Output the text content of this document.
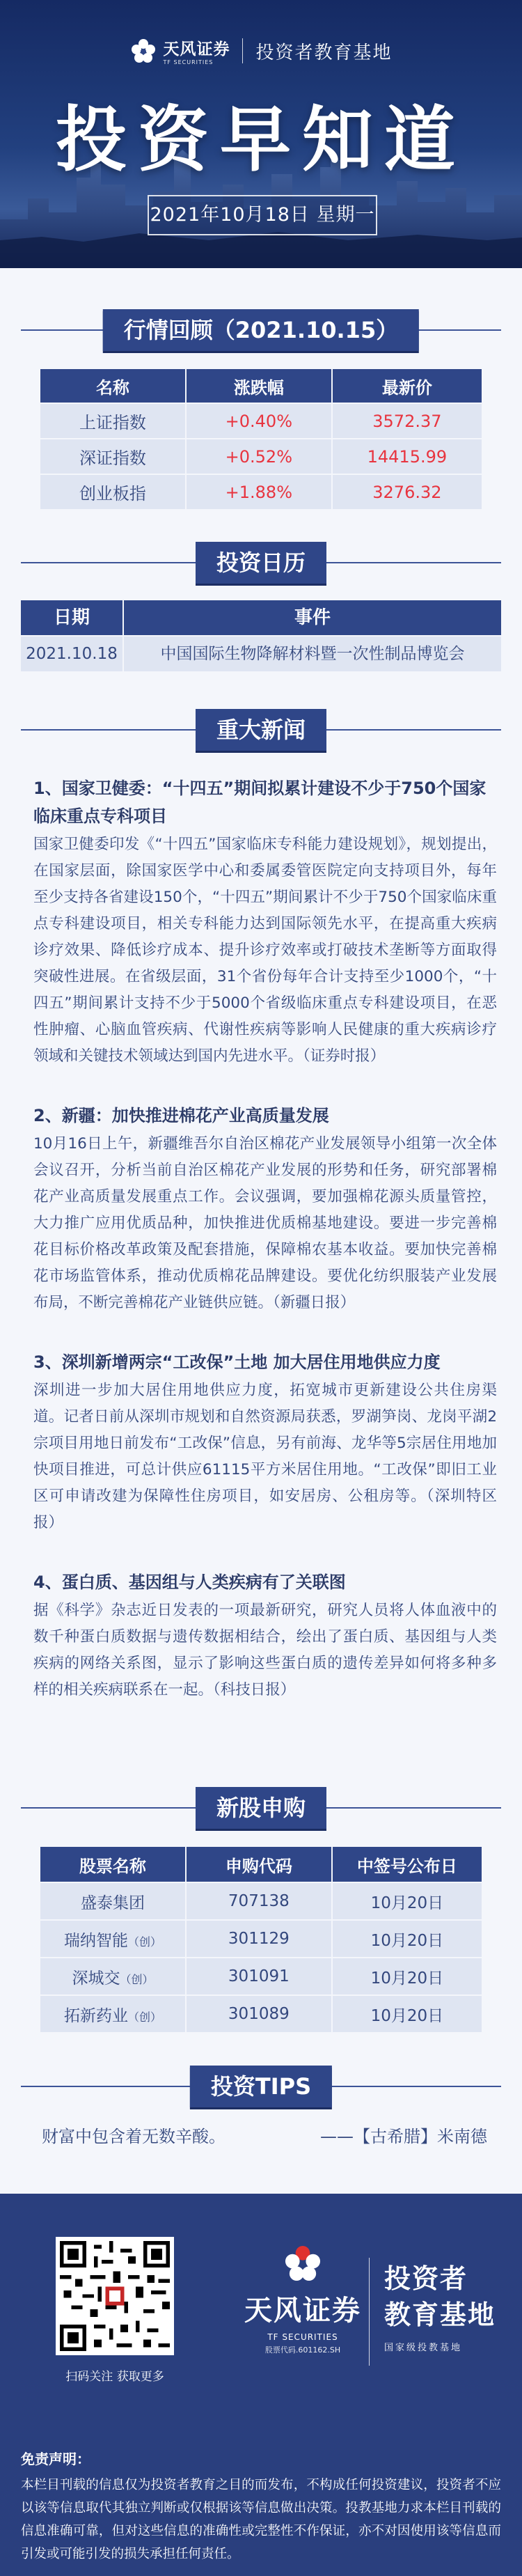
天风证券
TF SECURITIES	投资者教育基地
投资早知道
2021年10月18日 星期一
行情回顾（2021.10.15）
名称	涨跌幅	最新价
上证指数	+0.40%	3572.37
深证指数	+0.52%	14415.99
创业板指	+1.88%	3276.32
投资日历
日期	事件
2021.10.18	中国国际生物降解材料暨一次性制品博览会
重大新闻
1、国家卫健委：“十四五”期间拟累计建设不少于750个国家临床重点专科项目
国家卫健委印发《“十四五”国家临床专科能力建设规划》，规划提出，在国家层面，除国家医学中心和委属委管医院定向支持项目外，每年至少支持各省建设150个，“十四五”期间累计不少于750个国家临床重点专科建设项目，相关专科能力达到国际领先水平，在提高重大疾病诊疗效果、降低诊疗成本、提升诊疗效率或打破技术垄断等方面取得突破性进展。在省级层面，31个省份每年合计支持至少1000个，“十四五”期间累计支持不少于5000个省级临床重点专科建设项目，在恶性肿瘤、心脑血管疾病、代谢性疾病等影响人民健康的重大疾病诊疗领域和关键技术领域达到国内先进水平。（证券时报）
2、新疆：加快推进棉花产业高质量发展
10月16日上午，新疆维吾尔自治区棉花产业发展领导小组第一次全体会议召开，分析当前自治区棉花产业发展的形势和任务，研究部署棉花产业高质量发展重点工作。会议强调，要加强棉花源头质量管控，大力推广应用优质品种，加快推进优质棉基地建设。要进一步完善棉花目标价格改革政策及配套措施，保障棉农基本收益。要加快完善棉花市场监管体系，推动优质棉花品牌建设。要优化纺织服装产业发展布局，不断完善棉花产业链供应链。（新疆日报）
3、深圳新增两宗“工改保”土地 加大居住用地供应力度
深圳进一步加大居住用地供应力度，拓宽城市更新建设公共住房渠道。记者日前从深圳市规划和自然资源局获悉，罗湖笋岗、龙岗平湖2宗项目用地日前发布“工改保”信息，另有前海、龙华等5宗居住用地加快项目推进，可总计供应61115平方米居住用地。“工改保”即旧工业区可申请改建为保障性住房项目，如安居房、公租房等。（深圳特区报）
4、蛋白质、基因组与人类疾病有了关联图
据《科学》杂志近日发表的一项最新研究，研究人员将人体血液中的数千种蛋白质数据与遗传数据相结合，绘出了蛋白质、基因组与人类疾病的网络关系图，显示了影响这些蛋白质的遗传差异如何将多种多样的相关疾病联系在一起。（科技日报）
新股申购
股票名称	申购代码	中签号公布日
盛泰集团	707138	10月20日
瑞纳智能（创）	301129	10月20日
深城交（创）	301091	10月20日
拓新药业（创）	301089	10月20日
投资TIPS
财富中包含着无数辛酸。	——【古希腊】米南德
扫码关注 获取更多
天风证券
TF SECURITIES
股票代码.601162.SH
投资者
教育基地
国家级投教基地
免责声明：
本栏目刊载的信息仅为投资者教育之目的而发布，不构成任何投资建议，投资者不应以该等信息取代其独立判断或仅根据该等信息做出决策。投教基地力求本栏目刊载的信息准确可靠，但对这些信息的准确性或完整性不作保证，亦不对因使用该等信息而引发或可能引发的损失承担任何责任。
